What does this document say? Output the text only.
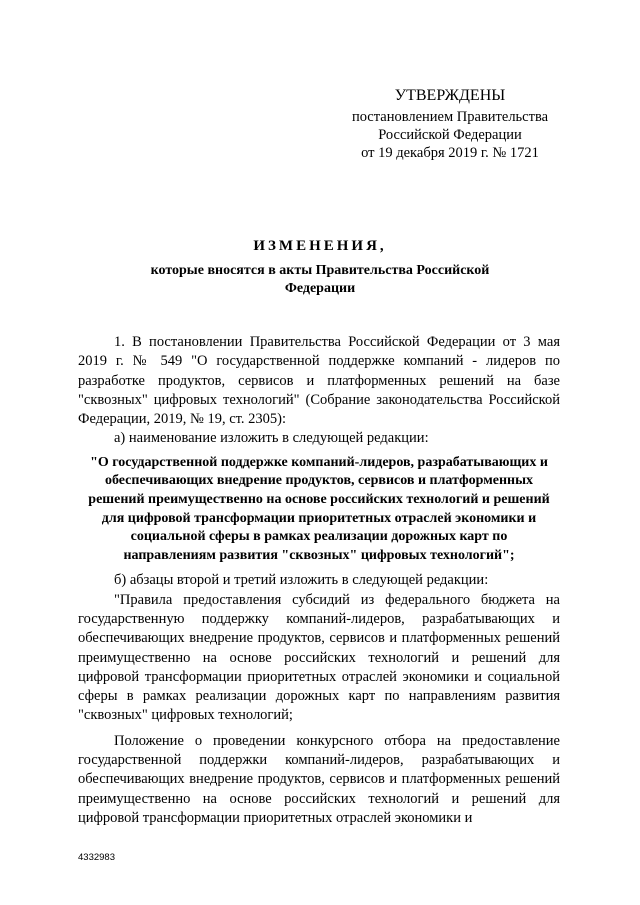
УТВЕРЖДЕНЫ
постановлением Правительства
Российской Федерации
от 19 декабря 2019 г. № 1721
ИЗМЕНЕНИЯ,
которые вносятся в акты Правительства Российской Федерации

1. В постановлении Правительства Российской Федерации от 3 мая 2019 г. № 549 "О государственной поддержке компаний - лидеров по разработке продуктов, сервисов и платформенных решений на базе "сквозных" цифровых технологий" (Собрание законодательства Российской Федерации, 2019, № 19, ст. 2305):

а) наименование изложить в следующей редакции:

"О государственной поддержке компаний-лидеров, разрабатывающих и обеспечивающих внедрение продуктов, сервисов и платформенных решений преимущественно на основе российских технологий и решений для цифровой трансформации приоритетных отраслей экономики и социальной сферы в рамках реализации дорожных карт по направлениям развития "сквозных" цифровых технологий";

б) абзацы второй и третий изложить в следующей редакции:

"Правила предоставления субсидий из федерального бюджета на государственную поддержку компаний-лидеров, разрабатывающих и обеспечивающих внедрение продуктов, сервисов и платформенных решений преимущественно на основе российских технологий и решений для цифровой трансформации приоритетных отраслей экономики и социальной сферы в рамках реализации дорожных карт по направлениям развития "сквозных" цифровых технологий;

Положение о проведении конкурсного отбора на предоставление государственной поддержки компаний-лидеров, разрабатывающих и обеспечивающих внедрение продуктов, сервисов и платформенных решений преимущественно на основе российских технологий и решений для цифровой трансформации приоритетных отраслей экономики и

4332983
